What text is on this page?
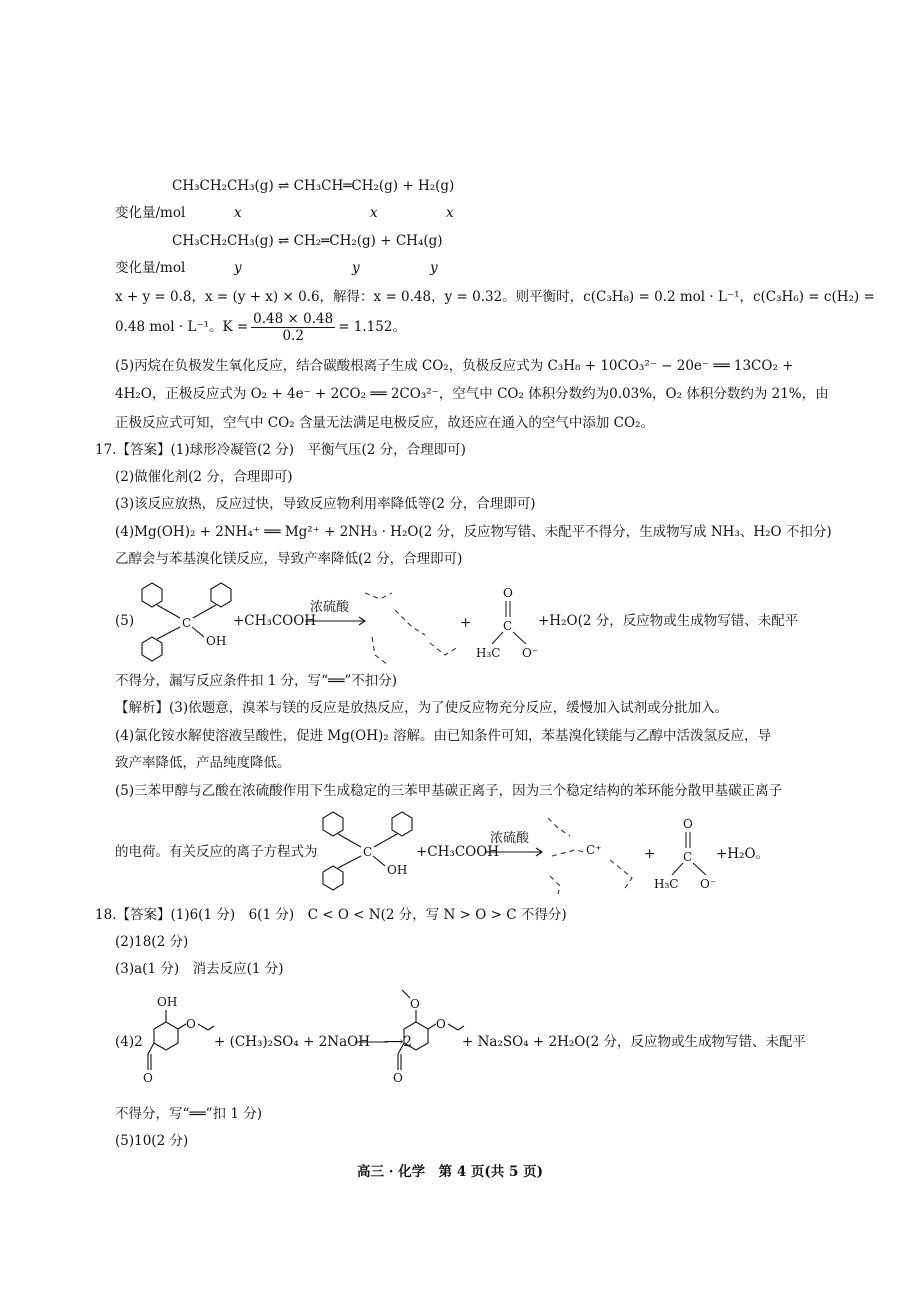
CH₃CH₂CH₃(g) ⇌ CH₃CH═CH₂(g) + H₂(g)
变化量/mol	x	x	x
CH₃CH₂CH₃(g) ⇌ CH₂═CH₂(g) + CH₄(g)
变化量/mol	y	y	y
x + y = 0.8，x = (y + x) × 0.6，解得：x = 0.48，y = 0.32。则平衡时，c(C₃H₈) = 0.2 mol · L⁻¹，c(C₃H₆) = c(H₂) =
0.48 mol · L⁻¹。$K = \frac{0.48 \times 0.48}{0.2} = 1.152$。
(5)丙烷在负极发生氧化反应，结合碳酸根离子生成 CO₂，负极反应式为 C₃H₈ + 10CO₃²⁻ − 20e⁻ ══ 13CO₂ +
4H₂O，正极反应式为 O₂ + 4e⁻ + 2CO₂ ══ 2CO₃²⁻，空气中 CO₂ 体积分数约为0.03%，O₂ 体积分数约为 21%，由
正极反应式可知，空气中 CO₂ 含量无法满足电极反应，故还应在通入的空气中添加 CO₂。
17.【答案】(1)球形冷凝管(2 分)　平衡气压(2 分，合理即可)
(2)做催化剂(2 分，合理即可)
(3)该反应放热，反应过快，导致反应物利用率降低等(2 分，合理即可)
(4)Mg(OH)₂ + 2NH₄⁺ ══ Mg²⁺ + 2NH₃ · H₂O(2 分，反应物写错、未配平不得分，生成物写成 NH₃、H₂O 不扣分)
乙醇会与苯基溴化镁反应，导致产率降低(2 分，合理即可)
(5)	C
OH
+CH₃COOH
浓硫酸
+
O
C
H₃C O⁻
+H₂O(2 分，反应物或生成物写错、未配平
不得分，漏写反应条件扣 1 分，写“══”不扣分)
【解析】(3)依题意，溴苯与镁的反应是放热反应，为了使反应物充分反应，缓慢加入试剂或分批加入。
(4)氯化铵水解使溶液呈酸性，促进 Mg(OH)₂ 溶解。由已知条件可知，苯基溴化镁能与乙醇中活泼氢反应，导
致产率降低，产品纯度降低。
(5)三苯甲醇与乙酸在浓硫酸作用下生成稳定的三苯甲基碳正离子，因为三个稳定结构的苯环能分散甲基碳正离子
的电荷。有关反应的离子方程式为	C
OH
+CH₃COOH
浓硫酸
C⁺	+
O
C
H₃C O⁻
+H₂O。
18.【答案】(1)6(1 分)　6(1 分)　C < O < N(2 分，写 N > O > C 不得分)
(2)18(2 分)
(3)a(1 分)　消去反应(1 分)
(4)2
OH
O
O
+ (CH₃)₂SO₄ + 2NaOH ⟶2
O
O
O
+ Na₂SO₄ + 2H₂O(2 分，反应物或生成物写错、未配平
不得分，写“══”扣 1 分)
(5)10(2 分)
高三 · 化学　第 4 页(共 5 页)
